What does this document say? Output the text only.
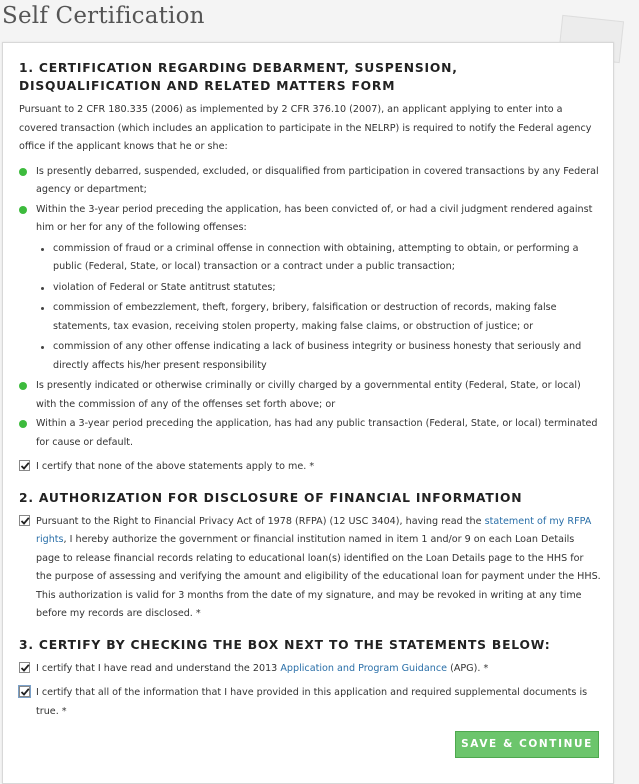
Self Certification
1. CERTIFICATION REGARDING DEBARMENT, SUSPENSION, DISQUALIFICATION AND RELATED MATTERS FORM

Pursuant to 2 CFR 180.335 (2006) as implemented by 2 CFR 376.10 (2007), an applicant applying to enter into a covered transaction (which includes an application to participate in the NELRP) is required to notify the Federal agency office if the applicant knows that he or she:

Is presently debarred, suspended, excluded, or disqualified from participation in covered transactions by any Federal agency or department;
Within the 3-year period preceding the application, has been convicted of, or had a civil judgment rendered against him or her for any of the following offenses:
commission of fraud or a criminal offense in connection with obtaining, attempting to obtain, or performing a public (Federal, State, or local) transaction or a contract under a public transaction;
violation of Federal or State antitrust statutes;
commission of embezzlement, theft, forgery, bribery, falsification or destruction of records, making false statements, tax evasion, receiving stolen property, making false claims, or obstruction of justice; or
commission of any other offense indicating a lack of business integrity or business honesty that seriously and directly affects his/her present responsibility
Is presently indicated or otherwise criminally or civilly charged by a governmental entity (Federal, State, or local) with the commission of any of the offenses set forth above; or
Within a 3-year period preceding the application, has had any public transaction (Federal, State, or local) terminated for cause or default.

I certify that none of the above statements apply to me. *

2. AUTHORIZATION FOR DISCLOSURE OF FINANCIAL INFORMATION

Pursuant to the Right to Financial Privacy Act of 1978 (RFPA) (12 USC 3404), having read the statement of my RFPA rights, I hereby authorize the government or financial institution named in item 1 and/or 9 on each Loan Details page to release financial records relating to educational loan(s) identified on the Loan Details page to the HHS for the purpose of assessing and verifying the amount and eligibility of the educational loan for payment under the HHS. This authorization is valid for 3 months from the date of my signature, and may be revoked in writing at any time before my records are disclosed. *

3. CERTIFY BY CHECKING THE BOX NEXT TO THE STATEMENTS BELOW:

I certify that I have read and understand the 2013 Application and Program Guidance (APG). *

I certify that all of the information that I have provided in this application and required supplemental documents is true. *

SAVE & CONTINUE
